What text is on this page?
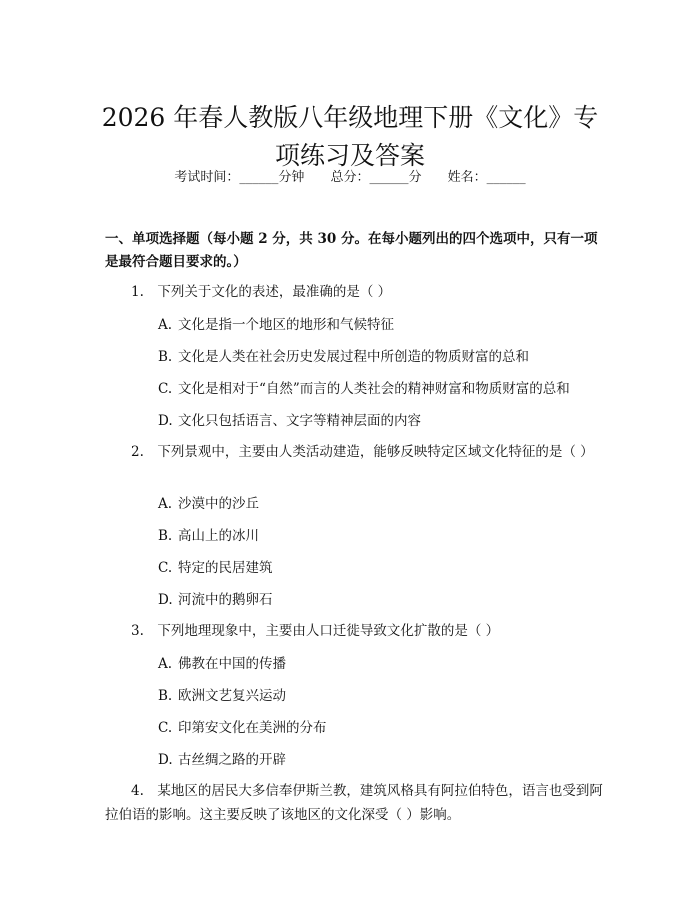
2026 年春人教版八年级地理下册《文化》专
项练习及答案
考试时间：______分钟 总分：______分 姓名：______
一、单项选择题（每小题 2 分，共 30 分。在每小题列出的四个选项中，只有一项是最符合题目要求的。）
1.　下列关于文化的表述，最准确的是（ ）
A. 文化是指一个地区的地形和气候特征
B. 文化是人类在社会历史发展过程中所创造的物质财富的总和
C. 文化是相对于“自然”而言的人类社会的精神财富和物质财富的总和
D. 文化只包括语言、文字等精神层面的内容
2.　下列景观中，主要由人类活动建造，能够反映特定区域文化特征的是（ ）
A. 沙漠中的沙丘
B. 高山上的冰川
C. 特定的民居建筑
D. 河流中的鹅卵石
3.　下列地理现象中，主要由人口迁徙导致文化扩散的是（ ）
A. 佛教在中国的传播
B. 欧洲文艺复兴运动
C. 印第安文化在美洲的分布
D. 古丝绸之路的开辟
4.　某地区的居民大多信奉伊斯兰教，建筑风格具有阿拉伯特色，语言也受到阿拉伯语的影响。这主要反映了该地区的文化深受（ ）影响。
